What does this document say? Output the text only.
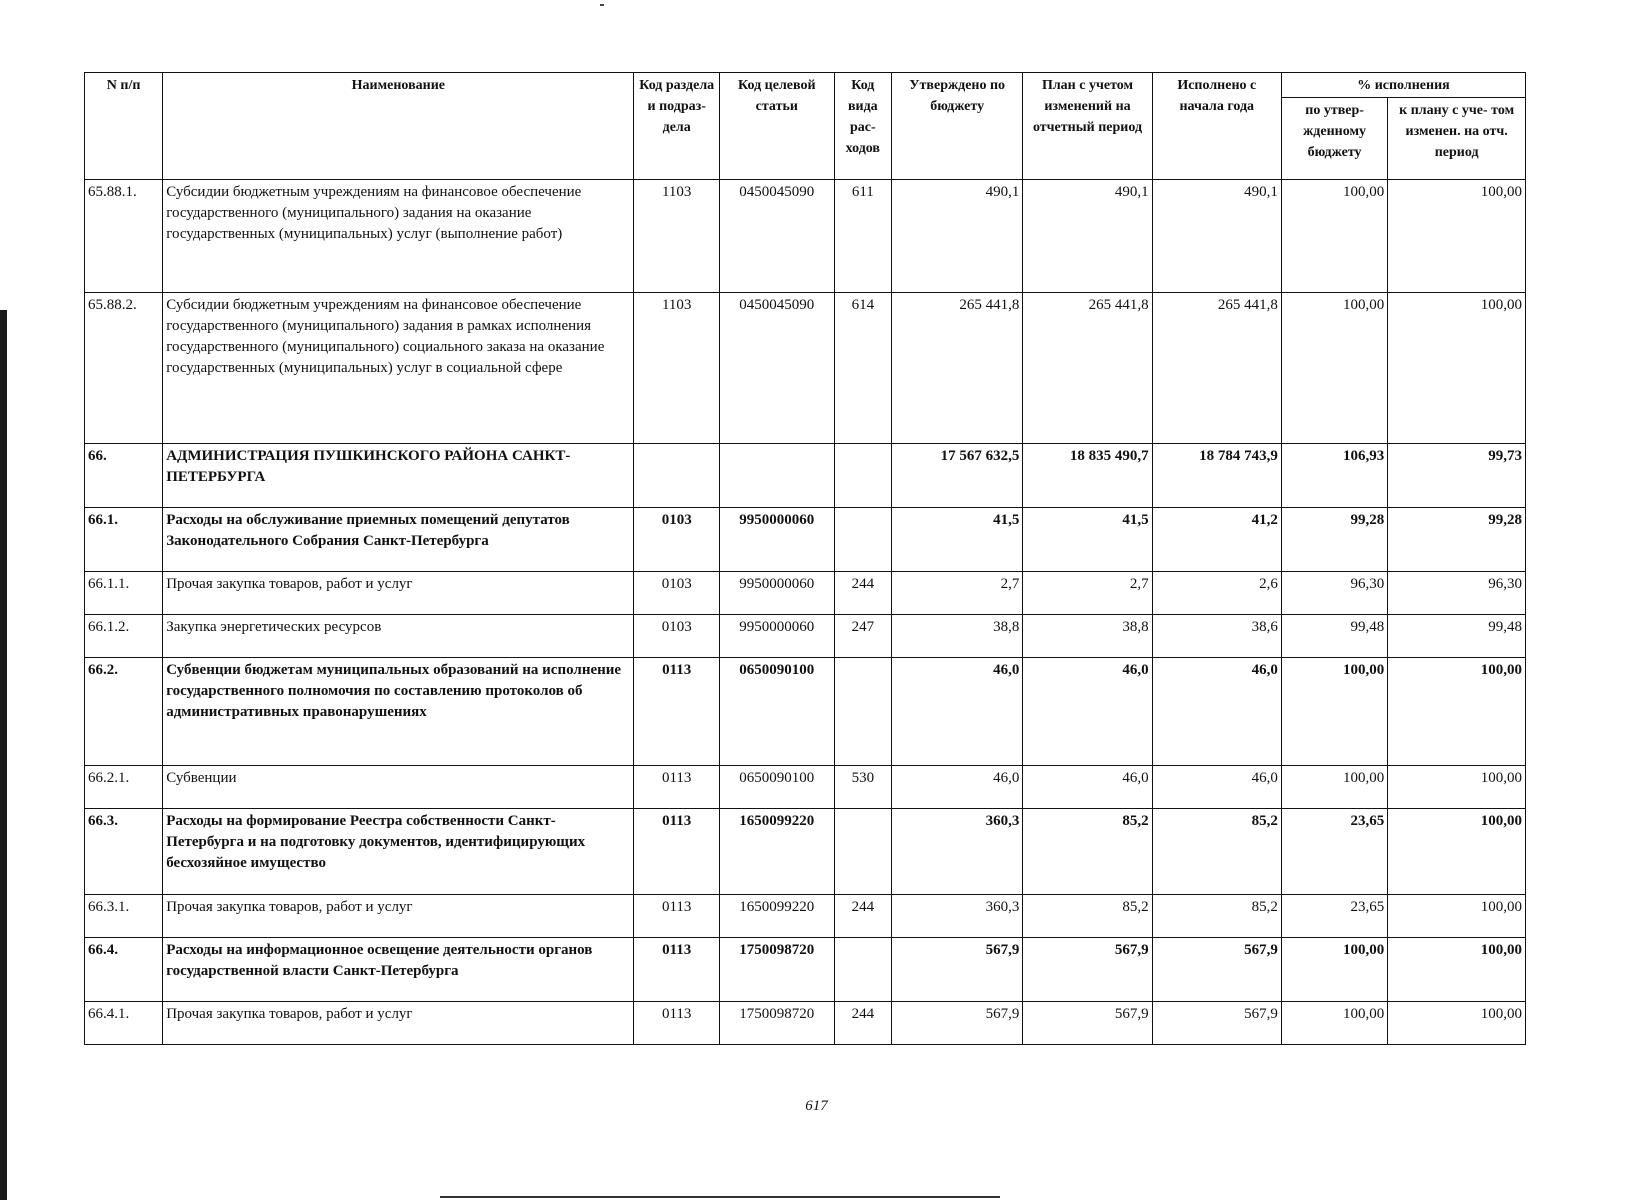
N п/п	Наименование	Код раздела и подраз- дела	Код целевой статьи	Код вида рас- ходов	Утверждено по бюджету	План с учетом изменений на отчетный период	Исполнено с начала года	% исполнения	
								по утвер- жденному бюджету	к плану с уче- том изменен. на отч. период
65.88.1.	Субсидии бюджетным учреждениям на финансовое обеспечение государственного (муниципального) задания на оказание государственных (муниципальных) услуг (выполнение работ)	1103	0450045090	611	490,1	490,1	490,1	100,00	100,00
65.88.2.	Субсидии бюджетным учреждениям на финансовое обеспечение государственного (муниципального) задания в рамках исполнения государственного (муниципального) социального заказа на оказание государственных (муниципальных) услуг в социальной сфере	1103	0450045090	614	265 441,8	265 441,8	265 441,8	100,00	100,00
66.	АДМИНИСТРАЦИЯ ПУШКИНСКОГО РАЙОНА САНКТ-ПЕТЕРБУРГА				17 567 632,5	18 835 490,7	18 784 743,9	106,93	99,73
66.1.	Расходы на обслуживание приемных помещений депутатов Законодательного Собрания Санкт-Петербурга	0103	9950000060		41,5	41,5	41,2	99,28	99,28
66.1.1.	Прочая закупка товаров, работ и услуг	0103	9950000060	244	2,7	2,7	2,6	96,30	96,30
66.1.2.	Закупка энергетических ресурсов	0103	9950000060	247	38,8	38,8	38,6	99,48	99,48
66.2.	Субвенции бюджетам муниципальных образований на исполнение государственного полномочия по составлению протоколов об административных правонарушениях	0113	0650090100		46,0	46,0	46,0	100,00	100,00
66.2.1.	Субвенции	0113	0650090100	530	46,0	46,0	46,0	100,00	100,00
66.3.	Расходы на формирование Реестра собственности Санкт-Петербурга и на подготовку документов, идентифицирующих бесхозяйное имущество	0113	1650099220		360,3	85,2	85,2	23,65	100,00
66.3.1.	Прочая закупка товаров, работ и услуг	0113	1650099220	244	360,3	85,2	85,2	23,65	100,00
66.4.	Расходы на информационное освещение деятельности органов государственной власти Санкт-Петербурга	0113	1750098720		567,9	567,9	567,9	100,00	100,00
66.4.1.	Прочая закупка товаров, работ и услуг	0113	1750098720	244	567,9	567,9	567,9	100,00	100,00
617
